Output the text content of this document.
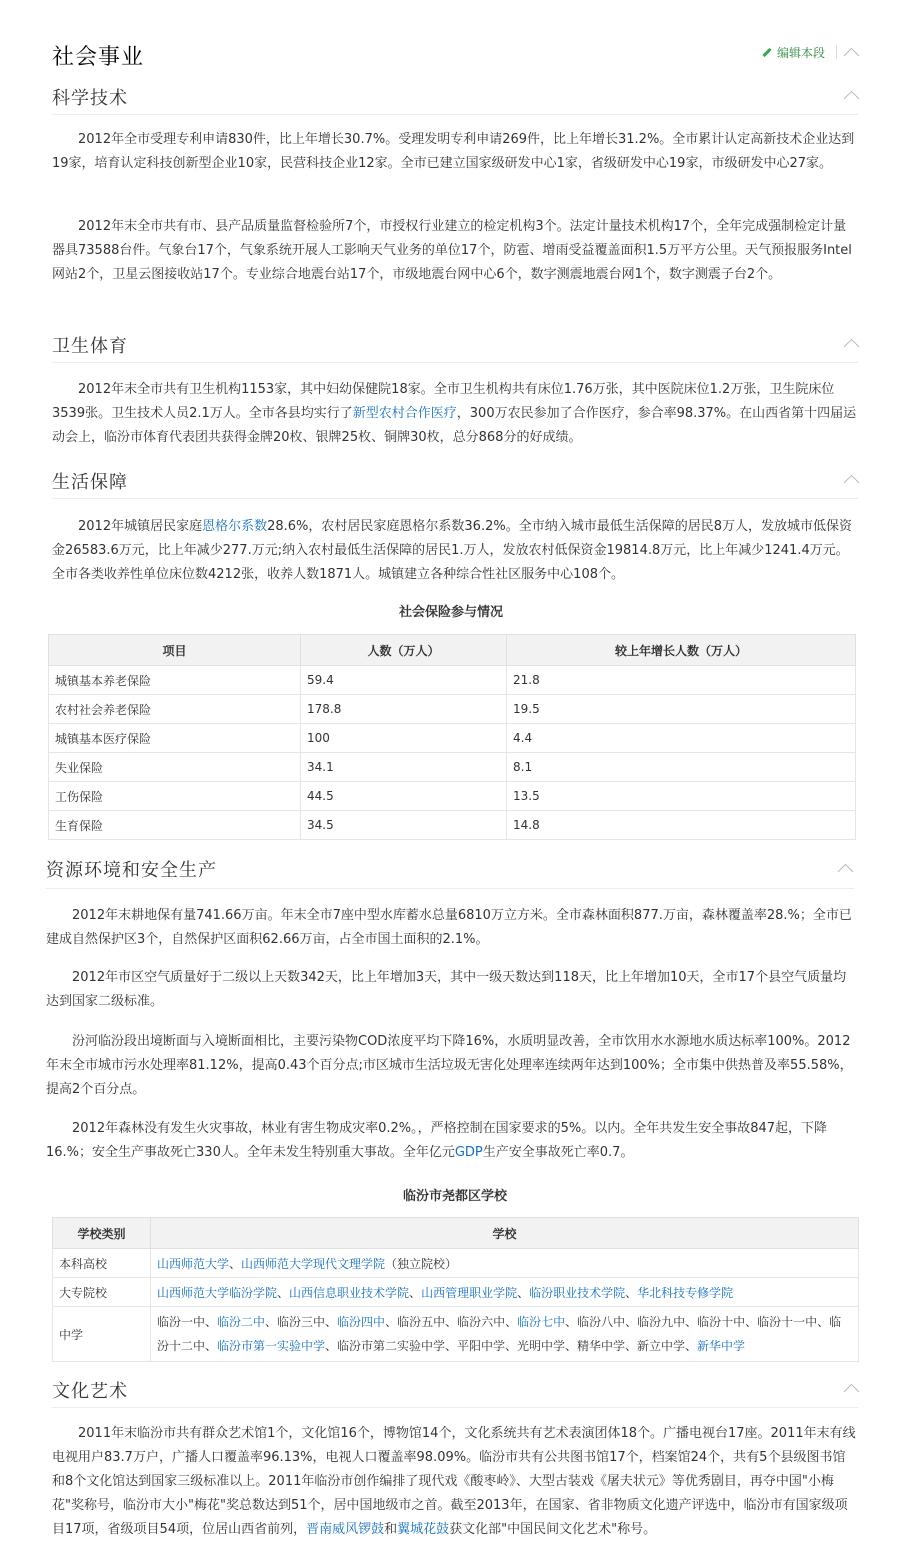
社会事业	编辑本段
科学技术

2012年全市受理专利申请830件，比上年增长30.7%。受理发明专利申请269件，比上年增长31.2%。全市累计认定高新技术企业达到19家，培育认定科技创新型企业10家，民营科技企业12家。全市已建立国家级研发中心1家，省级研发中心19家，市级研发中心27家。

2012年末全市共有市、县产品质量监督检验所7个，市授权行业建立的检定机构3个。法定计量技术机构17个，全年完成强制检定计量器具73588台件。气象台17个，气象系统开展人工影响天气业务的单位17个，防雹、增雨受益覆盖面积1.5万平方公里。天气预报服务Intel网站2个，卫星云图接收站17个。专业综合地震台站17个，市级地震台网中心6个，数字测震地震台网1个，数字测震子台2个。

卫生体育

2012年末全市共有卫生机构1153家，其中妇幼保健院18家。全市卫生机构共有床位1.76万张，其中医院床位1.2万张，卫生院床位3539张。卫生技术人员2.1万人。全市各县均实行了新型农村合作医疗，300万农民参加了合作医疗，参合率98.37%。在山西省第十四届运动会上，临汾市体育代表团共获得金牌20枚、银牌25枚、铜牌30枚，总分868分的好成绩。

生活保障

2012年城镇居民家庭恩格尔系数28.6%，农村居民家庭恩格尔系数36.2%。全市纳入城市最低生活保障的居民8万人，发放城市低保资金26583.6万元，比上年减少277.万元;纳入农村最低生活保障的居民1.万人，发放农村低保资金19814.8万元，比上年减少1241.4万元。全市各类收养性单位床位数4212张，收养人数1871人。城镇建立各种综合性社区服务中心108个。

社会保险参与情况
项目	人数（万人）	较上年增长人数（万人）
城镇基本养老保险	59.4	21.8
农村社会养老保险	178.8	19.5
城镇基本医疗保险	100	4.4
失业保险	34.1	8.1
工伤保险	44.5	13.5
生育保险	34.5	14.8
资源环境和安全生产

2012年末耕地保有量741.66万亩。年末全市7座中型水库蓄水总量6810万立方米。全市森林面积877.万亩，森林覆盖率28.%；全市已建成自然保护区3个，自然保护区面积62.66万亩，占全市国土面积的2.1%。

2012年市区空气质量好于二级以上天数342天，比上年增加3天，其中一级天数达到118天，比上年增加10天，全市17个县空气质量均达到国家二级标准。

汾河临汾段出境断面与入境断面相比，主要污染物COD浓度平均下降16%，水质明显改善，全市饮用水水源地水质达标率100%。2012年末全市城市污水处理率81.12%，提高0.43个百分点;市区城市生活垃圾无害化处理率连续两年达到100%；全市集中供热普及率55.58%，提高2个百分点。

2012年森林没有发生火灾事故，林业有害生物成灾率0.2%。，严格控制在国家要求的5%。以内。全年共发生安全事故847起，下降16.%；安全生产事故死亡330人。全年未发生特别重大事故。全年亿元GDP生产安全事故死亡率0.7。

临汾市尧都区学校
学校类别	学校
本科高校	山西师范大学、山西师范大学现代文理学院（独立院校）
大专院校	山西师范大学临汾学院、山西信息职业技术学院、山西管理职业学院、临汾职业技术学院、华北科技专修学院
中学	临汾一中、临汾二中、临汾三中、临汾四中、临汾五中、临汾六中、临汾七中、临汾八中、临汾九中、临汾十中、临汾十一中、临汾十二中、临汾市第一实验中学、临汾市第二实验中学、平阳中学、光明中学、精华中学、新立中学、新华中学
文化艺术

2011年末临汾市共有群众艺术馆1个，文化馆16个，博物馆14个，文化系统共有艺术表演团体18个。广播电视台17座。2011年末有线电视用户83.7万户，广播人口覆盖率96.13%，电视人口覆盖率98.09%。临汾市共有公共图书馆17个，档案馆24个，共有5个县级图书馆和8个文化馆达到国家三级标准以上。2011年临汾市创作编排了现代戏《酸枣岭》、大型古装戏《屠夫状元》等优秀剧目，再夺中国"小梅花"奖称号，临汾市大小"梅花"奖总数达到51个，居中国地级市之首。截至2013年，在国家、省非物质文化遗产评选中，临汾市有国家级项目17项，省级项目54项，位居山西省前列，晋南威风锣鼓和翼城花鼓获文化部"中国民间文化艺术"称号。
